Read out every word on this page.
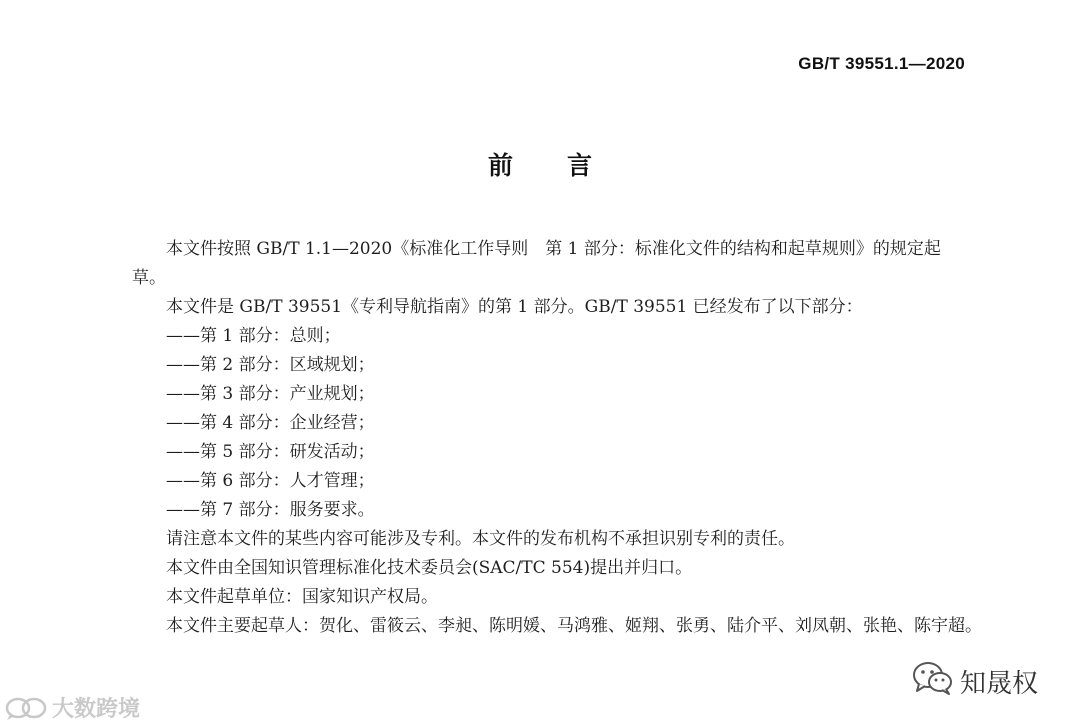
GB/T 39551.1—2020
前言

本文件按照 GB/T 1.1—2020《标准化工作导则　第 1 部分：标准化文件的结构和起草规则》的规定起草。

本文件是 GB/T 39551《专利导航指南》的第 1 部分。GB/T 39551 已经发布了以下部分：

——第 1 部分：总则；

——第 2 部分：区域规划；

——第 3 部分：产业规划；

——第 4 部分：企业经营；

——第 5 部分：研发活动；

——第 6 部分：人才管理；

——第 7 部分：服务要求。

请注意本文件的某些内容可能涉及专利。本文件的发布机构不承担识别专利的责任。

本文件由全国知识管理标准化技术委员会(SAC/TC 554)提出并归口。

本文件起草单位：国家知识产权局。

本文件主要起草人：贺化、雷筱云、李昶、陈明媛、马鸿雅、姬翔、张勇、陆介平、刘凤朝、张艳、陈宇超。

大数跨境
知晟权
